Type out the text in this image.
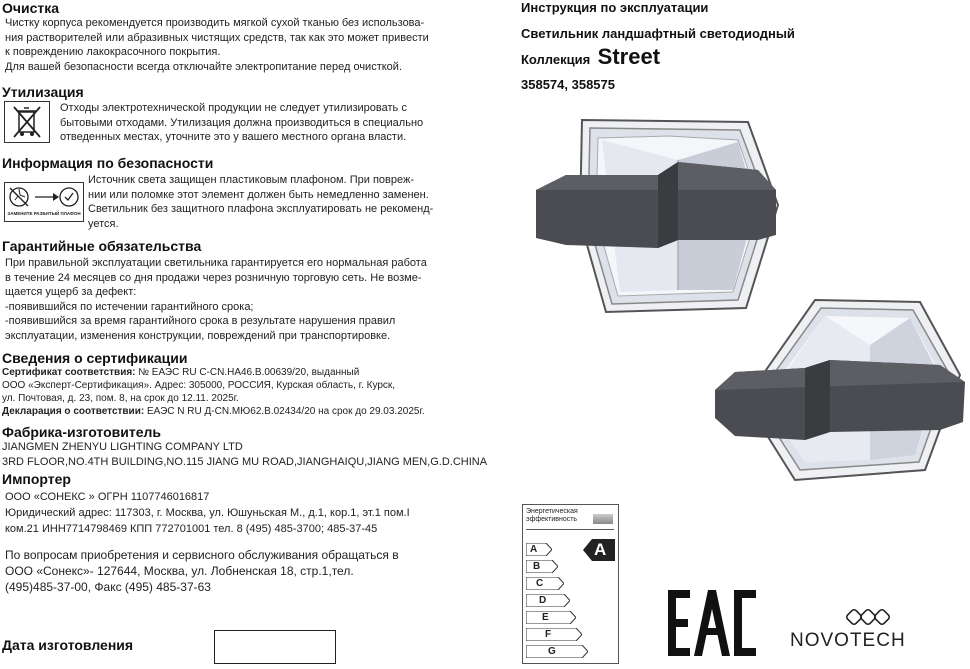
Очистка
Чистку корпуса рекомендуется производить мягкой сухой тканью без использова-
ния растворителей или абразивных чистящих средств, так как это может привести
к повреждению лакокрасочного покрытия.
Для вашей безопасности всегда отключайте электропитание перед очисткой.
Утилизация
Отходы электротехнической продукции не следует утилизировать с
бытовыми отходами. Утилизация должна производиться в специально
отведенных местах, уточните это у вашего местного органа власти.
Информация по безопасности
ЗАМЕНИТЕ РАЗБИТЫЙ ПЛАФОН
Источник света защищен пластиковым плафоном. При повреж-
нии или поломке этот элемент должен быть немедленно заменен.
Светильник без защитного плафона эксплуатировать не рекоменд-
уется.
Гарантийные обязательства
При правильной эксплуатации светильника гарантируется его нормальная работа
в течение 24 месяцев со дня продажи через розничную торговую сеть. Не возме-
щается ущерб за дефект:
-появившийся по истечении гарантийного срока;
-появившийся за время гарантийного срока в результате нарушения правил
эксплуатации, изменения конструкции, повреждений при транспортировке.
Сведения о сертификации
Сертификат соответствия: № ЕАЭС RU С-CN.НА46.В.00639/20, выданный
ООО «Эксперт-Сертификация». Адрес: 305000, РОССИЯ, Курская область, г. Курск,
ул. Почтовая, д. 23, пом. 8, на срок до 12.11. 2025г.
Декларация о соответствии: ЕАЭС N RU Д-CN.МЮ62.В.02434/20 на срок до 29.03.2025г.
Фабрика-изготовитель
JIANGMEN ZHENYU LIGHTING COMPANY LTD
3RD FLOOR,NO.4TH BUILDING,NO.115 JIANG MU ROAD,JIANGHAIQU,JIANG MEN,G.D.CHINA
Импортер
ООО «СОНЕКС » ОГРН 1107746016817
Юридический адрес: 117303, г. Москва, ул. Юшуньская М., д.1, кор.1, эт.1 пом.I
ком.21 ИНН7714798469 КПП 772701001 тел. 8 (495) 485-3700; 485-37-45
По вопросам приобретения и сервисного обслуживания обращаться в
ООО «Сонекс»- 127644, Москва, ул. Лобненская 18, стр.1,тел.
(495)485-37-00, Факс (495) 485-37-63
Дата изготовления
Инструкция по эксплуатации
Светильник ландшафтный светодиодный
Коллекция Street
358574, 358575
Энергетическая
эффективность
A
B
C
D
E
F
G
A
NOVOTECH
